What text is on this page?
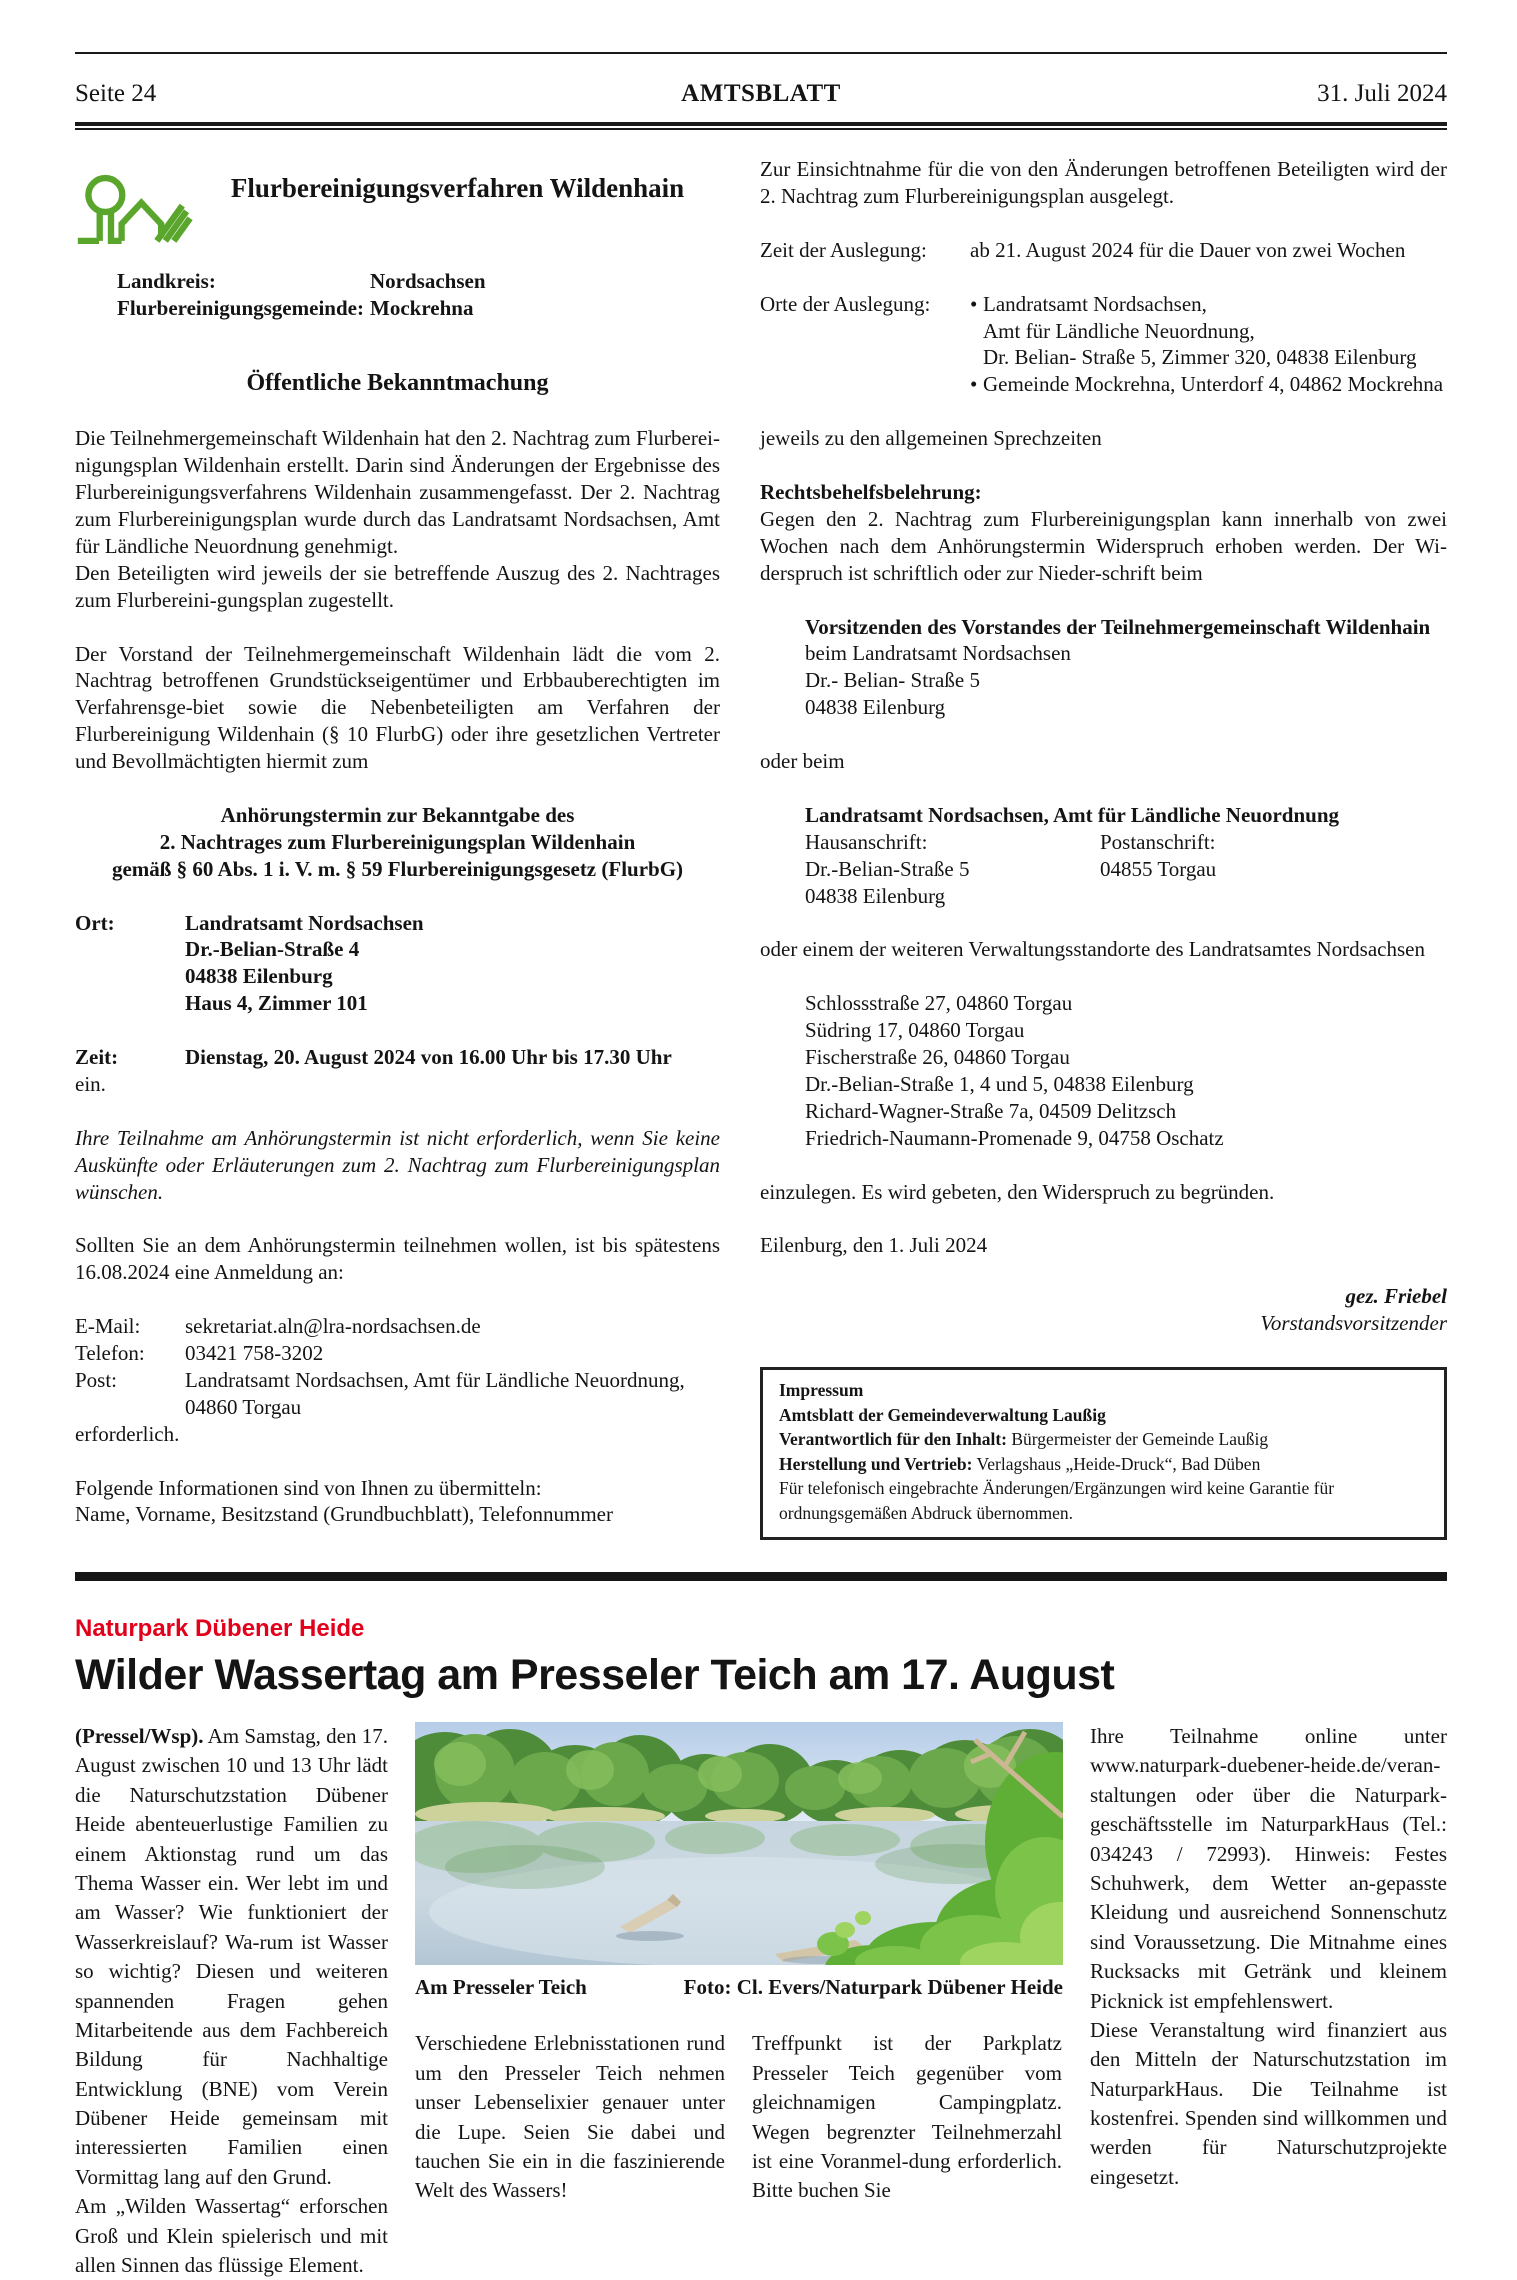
Seite 24	AMTSBLATT	31. Juli 2024
Flurbereinigungsverfahren Wildenhain
Landkreis:	Nordsachsen
Flurbereinigungsgemeinde: Mockrehna
Öffentliche Bekanntmachung
Die Teilnehmergemeinschaft Wildenhain hat den 2. Nachtrag zum Flurberei-nigungsplan Wildenhain erstellt. Darin sind Änderungen der Ergebnisse des Flurbereinigungsverfahrens Wildenhain zusammengefasst. Der 2. Nachtrag zum Flurbereinigungsplan wurde durch das Landratsamt Nordsachsen, Amt für Ländliche Neuordnung genehmigt.
Den Beteiligten wird jeweils der sie betreffende Auszug des 2. Nachtrages zum Flurbereini-gungsplan zugestellt.
Der Vorstand der Teilnehmergemeinschaft Wildenhain lädt die vom 2. Nachtrag betroffenen Grundstückseigentümer und Erbbauberechtigten im Verfahrensge-biet sowie die Nebenbeteiligten am Verfahren der Flurbereinigung Wildenhain (§ 10 FlurbG) oder ihre gesetzlichen Vertreter und Bevollmächtigten hiermit zum
Anhörungstermin zur Bekanntgabe des
2. Nachtrages zum Flurbereinigungsplan Wildenhain
gemäß § 60 Abs. 1 i. V. m. § 59 Flurbereinigungsgesetz (FlurbG)
Ort:	Landratsamt Nordsachsen
Dr.-Belian-Straße 4
04838 Eilenburg
Haus 4, Zimmer 101
Zeit:	Dienstag, 20. August 2024 von 16.00 Uhr bis 17.30 Uhr
ein.
Ihre Teilnahme am Anhörungstermin ist nicht erforderlich, wenn Sie keine Auskünfte oder Erläuterungen zum 2. Nachtrag zum Flurbereinigungsplan wünschen.
Sollten Sie an dem Anhörungstermin teilnehmen wollen, ist bis spätestens 16.08.2024 eine Anmeldung an:
E-Mail:	sekretariat.aln@lra-nordsachsen.de
Telefon:	03421 758-3202
Post:	Landratsamt Nordsachsen, Amt für Ländliche Neuordnung,
04860 Torgau
erforderlich.
Folgende Informationen sind von Ihnen zu übermitteln:
Name, Vorname, Besitzstand (Grundbuchblatt), Telefonnummer
Zur Einsichtnahme für die von den Änderungen betroffenen Beteiligten wird der 2. Nachtrag zum Flurbereinigungsplan ausgelegt.
Zeit der Auslegung:	ab 21. August 2024 für die Dauer von zwei Wochen
Orte der Auslegung:	• Landratsamt Nordsachsen,
Amt für Ländliche Neuordnung,
Dr. Belian- Straße 5, Zimmer 320, 04838 Eilenburg
• Gemeinde Mockrehna, Unterdorf 4, 04862 Mockrehna
jeweils zu den allgemeinen Sprechzeiten
Rechtsbehelfsbelehrung:
Gegen den 2. Nachtrag zum Flurbereinigungsplan kann innerhalb von zwei Wochen nach dem Anhörungstermin Widerspruch erhoben werden. Der Wi-derspruch ist schriftlich oder zur Nieder-schrift beim
Vorsitzenden des Vorstandes der Teilnehmergemeinschaft Wildenhain
beim Landratsamt Nordsachsen
Dr.- Belian- Straße 5
04838 Eilenburg
oder beim
Landratsamt Nordsachsen, Amt für Ländliche Neuordnung
Hausanschrift:	Postanschrift:
Dr.-Belian-Straße 5	04855 Torgau
04838 Eilenburg
oder einem der weiteren Verwaltungsstandorte des Landratsamtes Nordsachsen
Schlossstraße 27, 04860 Torgau
Südring 17, 04860 Torgau
Fischerstraße 26, 04860 Torgau
Dr.-Belian-Straße 1, 4 und 5, 04838 Eilenburg
Richard-Wagner-Straße 7a, 04509 Delitzsch
Friedrich-Naumann-Promenade 9, 04758 Oschatz
einzulegen. Es wird gebeten, den Widerspruch zu begründen.
Eilenburg, den 1. Juli 2024
gez. Friebel
Vorstandsvorsitzender
Impressum
Amtsblatt der Gemeindeverwaltung Laußig
Verantwortlich für den Inhalt: Bürgermeister der Gemeinde Laußig
Herstellung und Vertrieb: Verlagshaus „Heide-Druck“, Bad Düben
Für telefonisch eingebrachte Änderungen/Ergänzungen wird keine Garantie für ordnungsgemäßen Abdruck übernommen.
Naturpark Dübener Heide
Wilder Wassertag am Presseler Teich am 17. August
(Pressel/Wsp). Am Samstag, den 17. August zwischen 10 und 13 Uhr lädt die Naturschutzstation Dübener Heide abenteuerlustige Familien zu einem Aktionstag rund um das Thema Wasser ein. Wer lebt im und am Wasser? Wie funktioniert der Wasserkreislauf? Wa-rum ist Wasser so wichtig? Diesen und weiteren spannenden Fragen gehen Mitarbeitende aus dem Fachbereich Bildung für Nachhaltige Entwicklung (BNE) vom Verein Dübener Heide gemeinsam mit interessierten Familien einen Vormittag lang auf den Grund.
Am „Wilden Wassertag“ erforschen Groß und Klein spielerisch und mit allen Sinnen das flüssige Element.
Am Presseler Teich	Foto: Cl. Evers/Naturpark Dübener Heide
Verschiedene Erlebnisstationen rund um den Presseler Teich nehmen unser Lebenselixier genauer unter die Lupe. Seien Sie dabei und tauchen Sie ein in die faszinierende Welt des Wassers!
Treffpunkt ist der Parkplatz Presseler Teich gegenüber vom gleichnamigen Campingplatz. Wegen begrenzter Teilnehmerzahl ist eine Voranmel-dung erforderlich. Bitte buchen Sie
Ihre Teilnahme online unter www.naturpark-duebener-heide.de/veran-staltungen oder über die Naturpark-geschäftsstelle im NaturparkHaus (Tel.: 034243 / 72993). Hinweis: Festes Schuhwerk, dem Wetter an-gepasste Kleidung und ausreichend Sonnenschutz sind Voraussetzung. Die Mitnahme eines Rucksacks mit Getränk und kleinem Picknick ist empfehlenswert.
Diese Veranstaltung wird finanziert aus den Mitteln der Naturschutzstation im NaturparkHaus. Die Teilnahme ist kostenfrei. Spenden sind willkommen und werden für Naturschutzprojekte eingesetzt.
